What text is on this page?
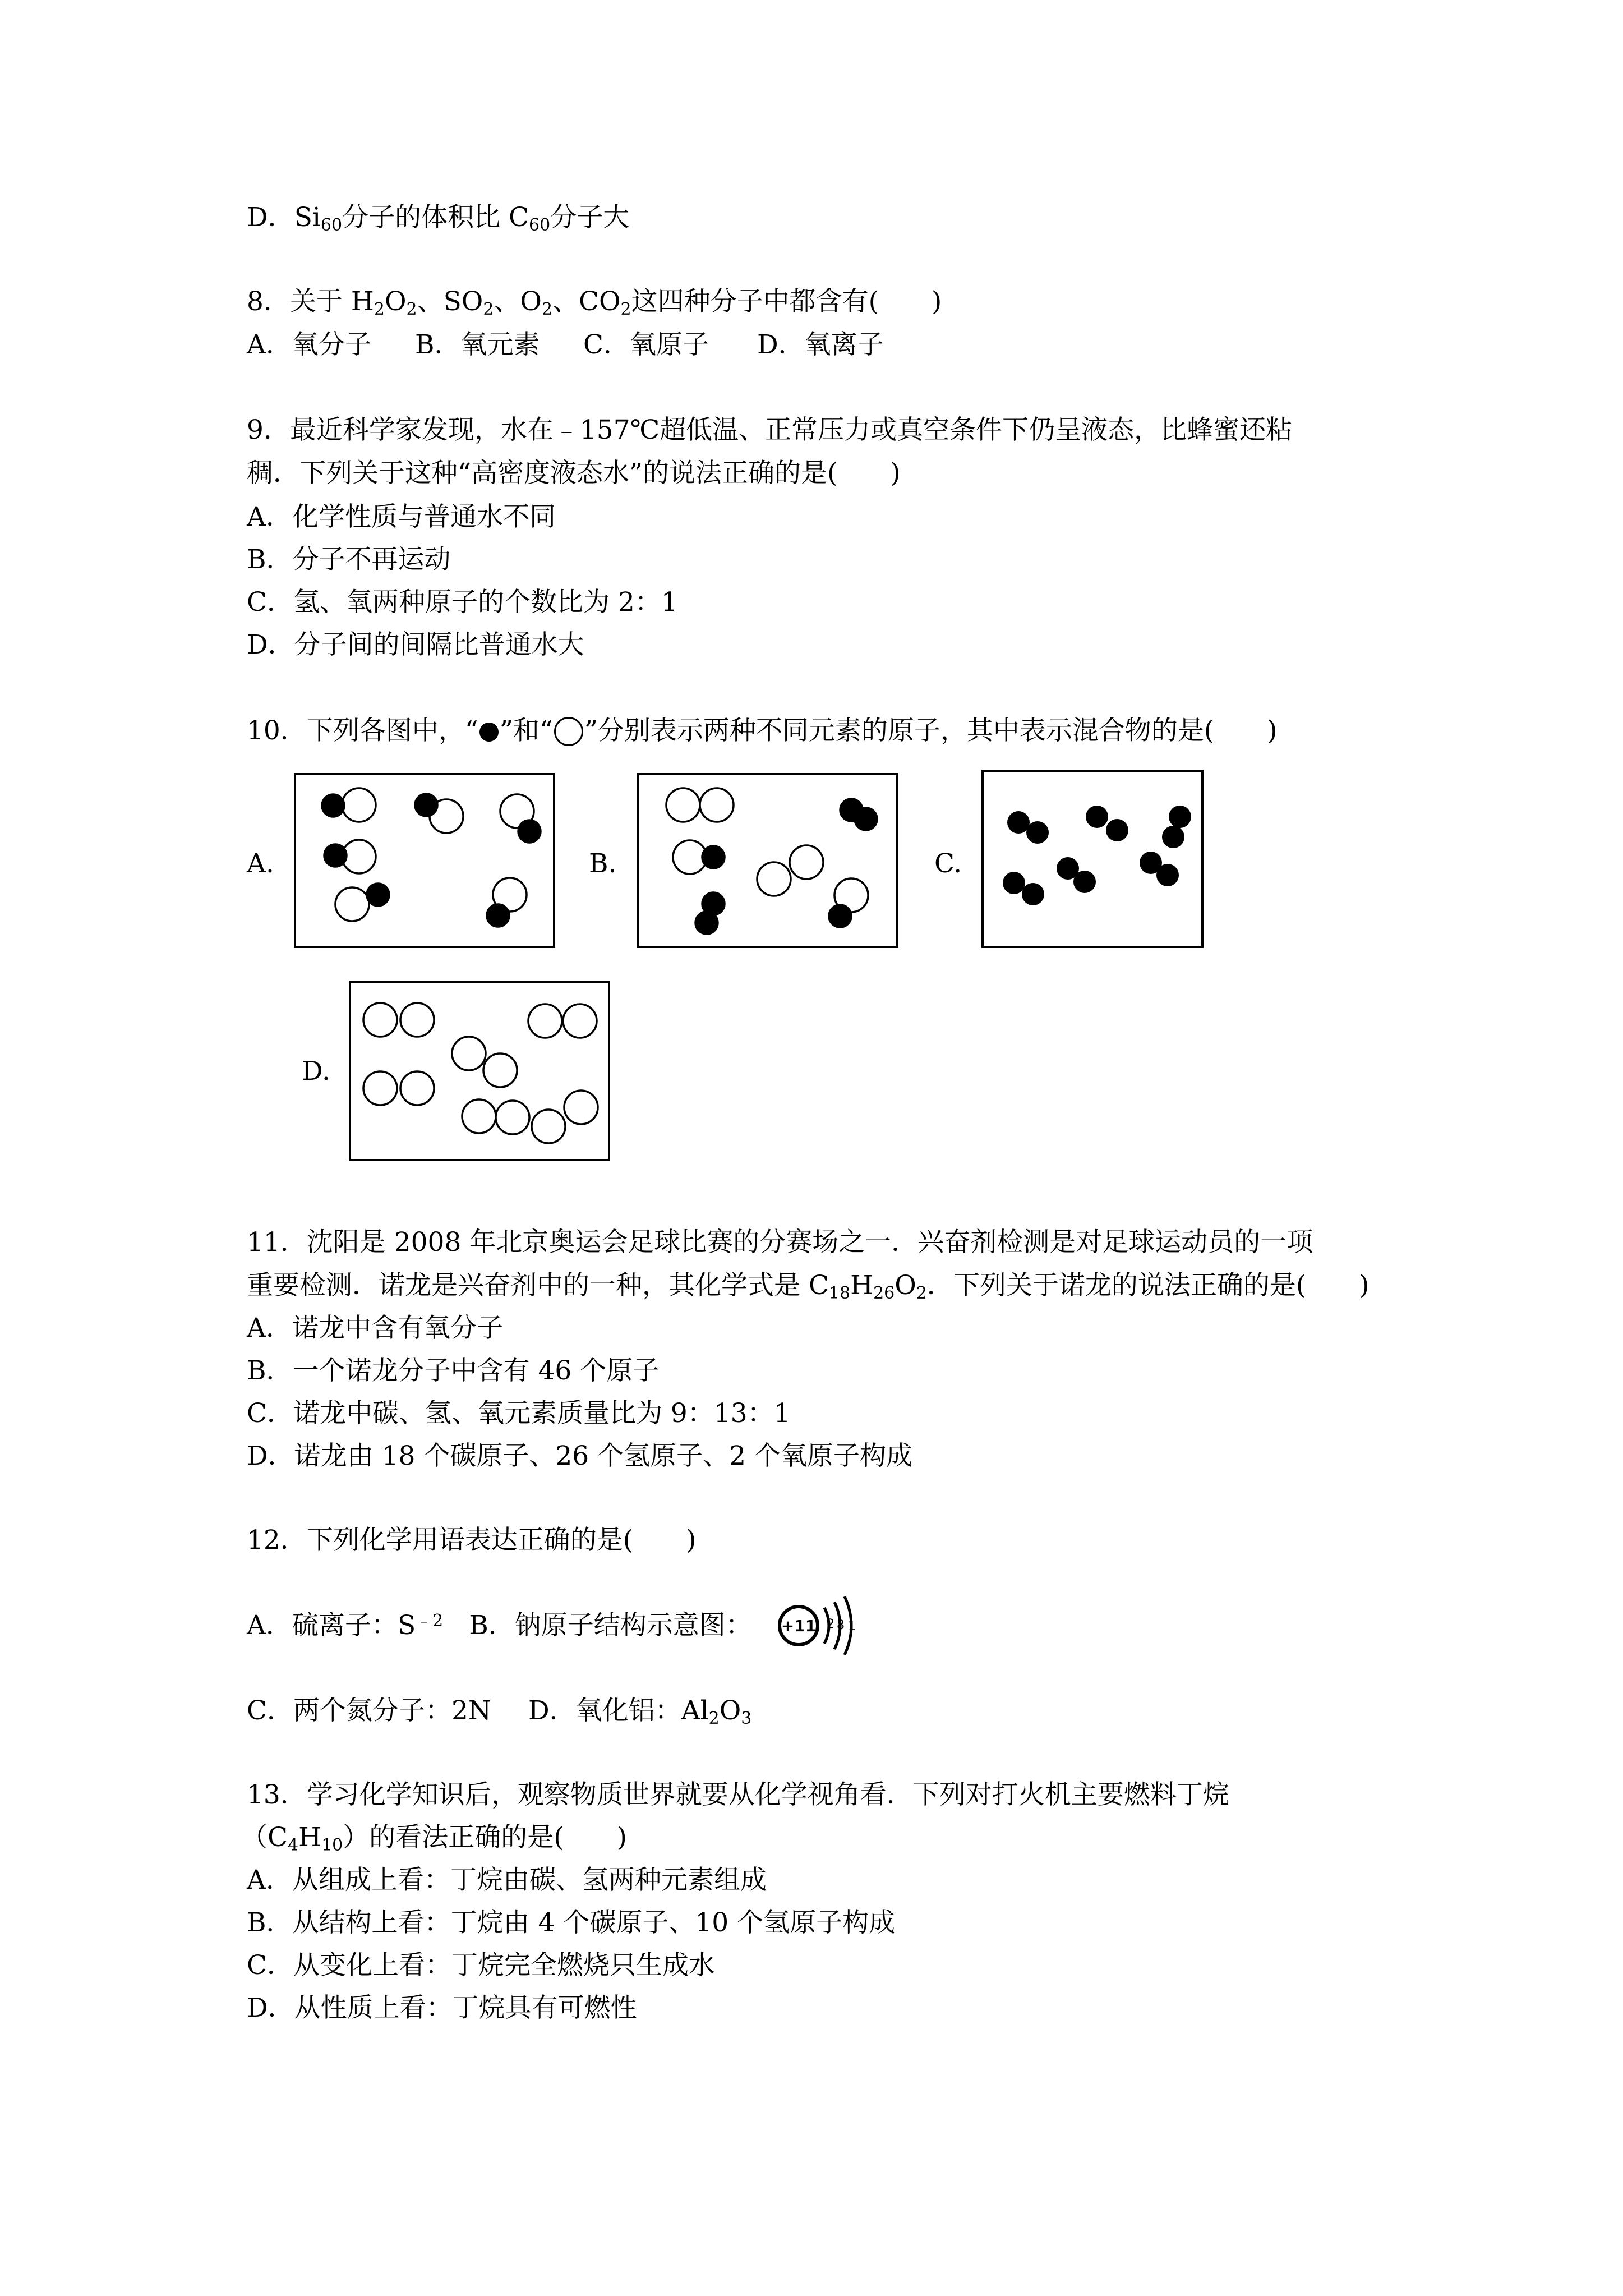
D．$Si_{60}$分子的体积比 $C_{60}$分子大
8．关于 $H_2O_2$、$SO_2$、$O_2$、$CO_2$这四种分子中都含有(　　)
A．氧分子 B．氧元素 C．氧原子 D．氧离子
9．最近科学家发现，水在﹣157℃超低温、正常压力或真空条件下仍呈液态，比蜂蜜还粘
稠．下列关于这种“高密度液态水”的说法正确的是(　　)
A．化学性质与普通水不同
B．分子不再运动
C．氢、氧两种原子的个数比为 2：1
D．分子间的间隔比普通水大
10．下列各图中，“ ”和“ ”分别表示两种不同元素的原子，其中表示混合物的是(　　)
A.	B.	C.
D.
11．沈阳是 2008 年北京奥运会足球比赛的分赛场之一．兴奋剂检测是对足球运动员的一项
重要检测．诺龙是兴奋剂中的一种，其化学式是 $C_{18}H_{26}O_2$．下列关于诺龙的说法正确的是(　　)
A．诺龙中含有氧分子
B．一个诺龙分子中含有 46 个原子
C．诺龙中碳、氢、氧元素质量比为 9：13：1
D．诺龙由 18 个碳原子、26 个氢原子、2 个氧原子构成
12．下列化学用语表达正确的是(　　)
A．硫离子：$S^{﹣2}$ B．钠原子结构示意图： +11 2 8 1
C．两个氮分子：2N D．氧化铝：$Al_2O_3$
13．学习化学知识后，观察物质世界就要从化学视角看．下列对打火机主要燃料丁烷
$(C_4H_{10})$的看法正确的是(　　)
A．从组成上看：丁烷由碳、氢两种元素组成
B．从结构上看：丁烷由 4 个碳原子、10 个氢原子构成
C．从变化上看：丁烷完全燃烧只生成水
D．从性质上看：丁烷具有可燃性
